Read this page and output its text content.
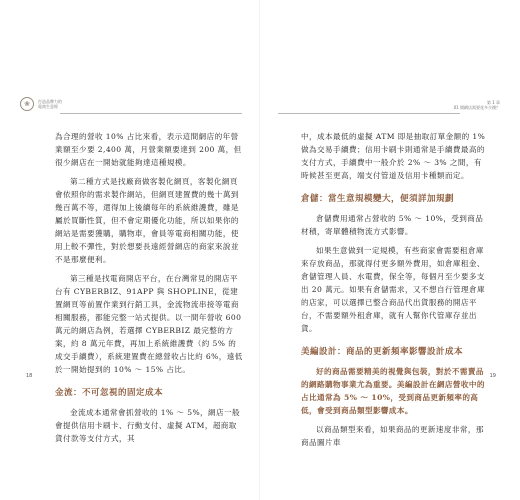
❀	打造品牌力的
電商生意經

為合理的營收 10% 占比來看，表示這間網店的年營業額至少要 2,400 萬，月營業額要達到 200 萬，但很少網店在一開始就能夠達這種規模。

第二種方式是找廠商做客製化網頁，客製化網頁會依照你的需求製作網站，但網頁建置費的幾十萬到幾百萬不等，還得加上後續每年的系統維護費，雖是屬於買斷性質，但不會定期優化功能，所以如果你的網站是需要獲購，購物車，會員等電商相關功能，使用上較不彈性，對於想要長遠經營網店的商家來說並不是那麼便利。

第三種是找電商開店平台，在台灣常見的開店平台有 CYBERBIZ、91APP 與 SHOPLINE，從建置網頁等前置作業到行銷工具，金流物流串接等電商相關服務，都能完整一站式提供。以一間年營收 600 萬元的網店為例，若選擇 CYBERBIZ 最完整的方案，約 8 萬元年費，再加上系統維護費（約 5% 的成交手續費），系統建置費在總營收占比約 6%，遠低於一開始提到的 10% ～ 15% 占比。

金流：不可忽視的固定成本

金流成本通常會抓營收的 1% ～ 5%，網店一般會提供信用卡刷卡、行動支付、虛擬 ATM，超商取貨付款等支付方式，其

18
第 1 章
01 開網店需要花多少錢？

中，成本最低的虛擬 ATM 即是抽取訂單金額的 1% 做為交易手續費；信用卡刷卡則通常是手續費最高的支付方式，手續費中一般介於 2% ～ 3% 之間，有時候甚至更高，端支付管道及信用卡種類而定。

倉儲：當生意規模變大，便須詳加規劃

倉儲費用通常占營收的 5% ～ 10%，受到商品材積，寄單體積物流方式影響。

如果生意做到一定規模，有些商家會需要租倉庫來存放商品，那就得付更多額外費用，如倉庫租金、倉儲管理人員、水電費，保全等，每個月至少要多支出 20 萬元。如果有倉儲需求，又不想自行管理倉庫的店家，可以選擇已整合商品代出貨服務的開店平台，不需要額外租倉庫，就有人幫你代管庫存並出貨。

美編設計：商品的更新頻率影響設計成本

好的商品需要精美的視覺與包裝，對於不需賣品的網路購物事業尤為重要。美編設計在網店營收中的占比通常為 5% ～ 10%，受到商品更新頻率的高低，會受到商品類型影響成本。

以商品類型來看，如果商品的更新速度非常，那商品圖片車

19
